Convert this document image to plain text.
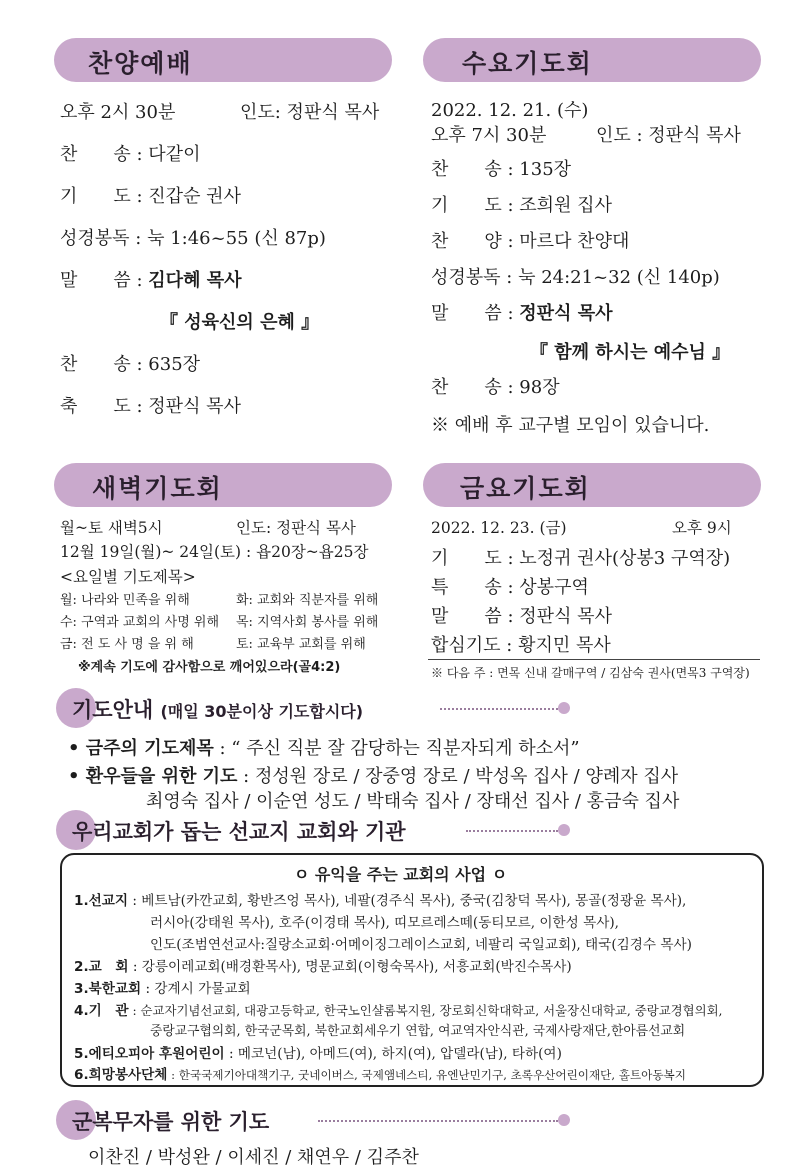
찬양예배
오후 2시 30분	인도: 정판식 목사
찬　　송 : 다같이
기　　도 : 진갑순 권사
성경봉독 : 눅 1:46~55 (신 87p)
말　　씀 : 김다혜 목사
『 성육신의 은혜 』
찬　　송 : 635장
축　　도 : 정판식 목사
수요기도회
2022. 12. 21. (수)
오후 7시 30분	인도 : 정판식 목사
찬　　송 : 135장
기　　도 : 조희원 집사
찬　　양 : 마르다 찬양대
성경봉독 : 눅 24:21~32 (신 140p)
말　　씀 : 정판식 목사
『 함께 하시는 예수님 』
찬　　송 : 98장
※ 예배 후 교구별 모임이 있습니다.
새벽기도회
월~토 새벽5시	인도: 정판식 목사
12월 19일(월)~ 24일(토) : 욥20장~욥25장
<요일별 기도제목>
월: 나라와 민족을 위해	화: 교회와 직분자를 위해
수: 구역과 교회의 사명 위해 목: 지역사회 봉사를 위해
금: 전 도 사 명 을 위 해	토: 교육부 교회를 위해
※계속 기도에 감사함으로 깨어있으라(골4:2)
금요기도회
2022. 12. 23. (금)	오후 9시
기　　도 : 노정귀 권사(상봉3 구역장)
특　　송 : 상봉구역
말　　씀 : 정판식 목사
합심기도 : 황지민 목사
※ 다음 주 : 면목 신내 갈매구역 / 김삼숙 권사(면목3 구역장)
기도안내 (매일 30분이상 기도합시다)
• 금주의 기도제목 : “ 주신 직분 잘 감당하는 직분자되게 하소서”
• 환우들을 위한 기도 : 정성원 장로 / 장중영 장로 / 박성옥 집사 / 양례자 집사
최영숙 집사 / 이순연 성도 / 박태숙 집사 / 장태선 집사 / 홍금숙 집사
우리교회가 돕는 선교지 교회와 기관
ㅇ 유익을 주는 교회의 사업 ㅇ
1.선교지 : 베트남(카깐교회, 황반즈엉 목사), 네팔(경주식 목사), 중국(김창덕 목사), 몽골(정광윤 목사),
러시아(강태원 목사), 호주(이경태 목사), 띠모르레스떼(동티모르, 이한성 목사),
인도(조범연선교사:질랑소교회·어메이징그레이스교회, 네팔리 국일교회), 태국(김경수 목사)
2.교　회 : 강릉이레교회(배경환목사), 명문교회(이형숙목사), 서흥교회(박진수목사)
3.북한교회 : 강계시 가물교회
4.기　관 : 순교자기념선교회, 대광고등학교, 한국노인샬롬복지원, 장로회신학대학교, 서울장신대학교, 중랑교경협의회,
중랑교구협의회, 한국군목회, 북한교회세우기 연합, 여교역자안식관, 국제사랑재단,한아름선교회
5.에티오피아 후원어린이 : 메코넌(남), 아메드(여), 하지(여), 압델라(남), 타하(여)
6.희망봉사단체 : 한국국제기아대책기구, 굿네이버스, 국제앰네스티, 유엔난민기구, 초록우산어린이재단, 홀트아동복지
군복무자를 위한 기도
이찬진 / 박성완 / 이세진 / 채연우 / 김주찬
